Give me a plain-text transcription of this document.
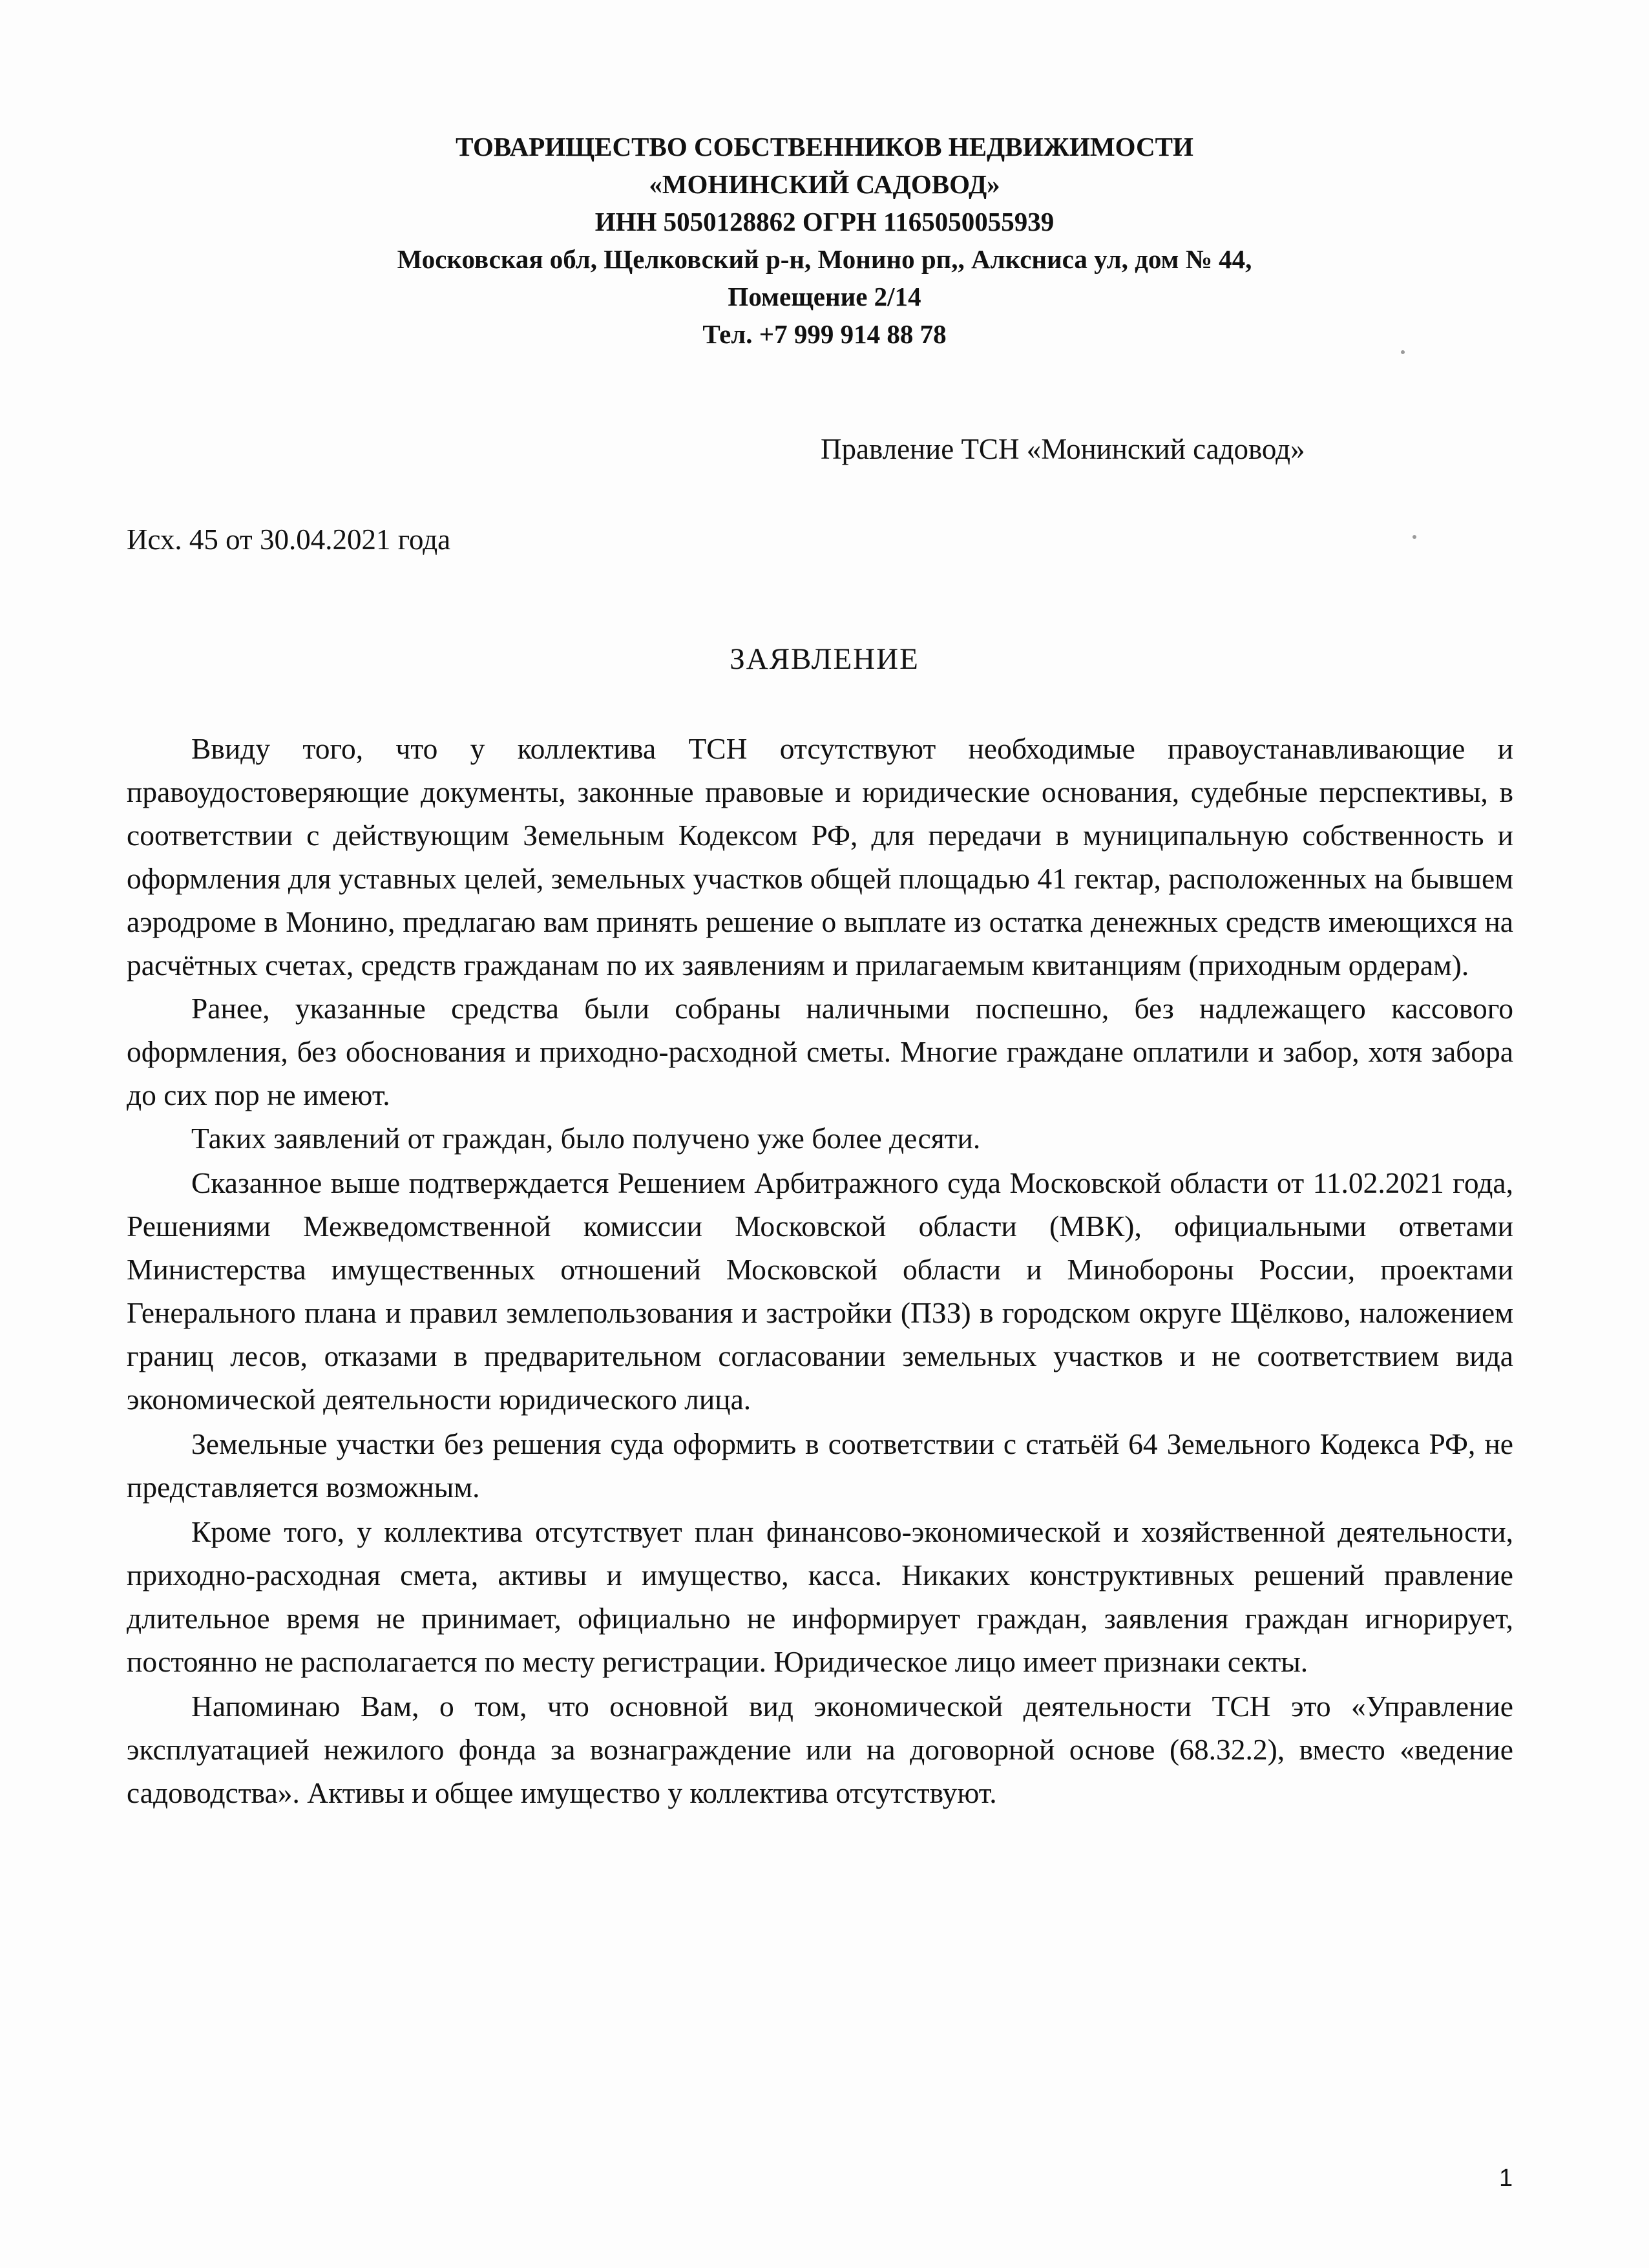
ТОВАРИЩЕСТВО СОБСТВЕННИКОВ НЕДВИЖИМОСТИ
«МОНИНСКИЙ САДОВОД»
ИНН 5050128862 ОГРН 1165050055939
Московская обл, Щелковский р-н, Монино рп,, Алксниса ул, дом № 44,
Помещение 2/14
Тел. +7 999 914 88 78
Правление ТСН «Монинский садовод»
Исх. 45 от 30.04.2021 года
ЗАЯВЛЕНИЕ

Ввиду того, что у коллектива ТСН отсутствуют необходимые правоустанавливающие и правоудостоверяющие документы, законные правовые и юридические основания, судебные перспективы, в соответствии с действующим Земельным Кодексом РФ, для передачи в муниципальную собственность и оформления для уставных целей, земельных участков общей площадью 41 гектар, расположенных на бывшем аэродроме в Монино, предлагаю вам принять решение о выплате из остатка денежных средств имеющихся на расчётных счетах, средств гражданам по их заявлениям и прилагаемым квитанциям (приходным ордерам).

Ранее, указанные средства были собраны наличными поспешно, без надлежащего кассового оформления, без обоснования и приходно-расходной сметы. Многие граждане оплатили и забор, хотя забора до сих пор не имеют.

Таких заявлений от граждан, было получено уже более десяти.

Сказанное выше подтверждается Решением Арбитражного суда Московской области от 11.02.2021 года, Решениями Межведомственной комиссии Московской области (МВК), официальными ответами Министерства имущественных отношений Московской области и Минобороны России, проектами Генерального плана и правил землепользования и застройки (ПЗЗ) в городском округе Щёлково, наложением границ лесов, отказами в предварительном согласовании земельных участков и не соответствием вида экономической деятельности юридического лица.

Земельные участки без решения суда оформить в соответствии с статьёй 64 Земельного Кодекса РФ, не представляется возможным.

Кроме того, у коллектива отсутствует план финансово-экономической и хозяйственной деятельности, приходно-расходная смета, активы и имущество, касса. Никаких конструктивных решений правление длительное время не принимает, официально не информирует граждан, заявления граждан игнорирует, постоянно не располагается по месту регистрации. Юридическое лицо имеет признаки секты.

Напоминаю Вам, о том, что основной вид экономической деятельности ТСН это «Управление эксплуатацией нежилого фонда за вознаграждение или на договорной основе (68.32.2), вместо «ведение садоводства». Активы и общее имущество у коллектива отсутствуют.

1
